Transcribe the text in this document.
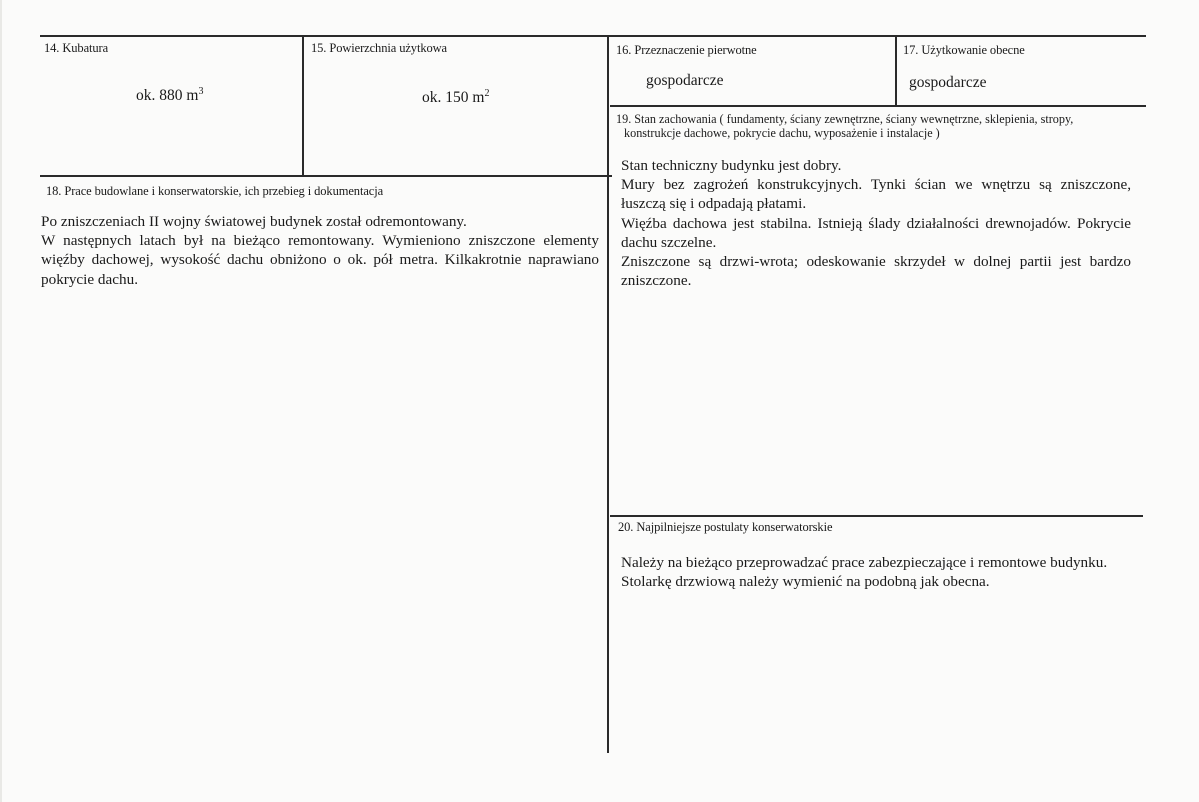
14. Kubatura
ok. 880 $m^3$
15. Powierzchnia użytkowa
ok. 150 $m^2$
16. Przeznaczenie pierwotne
gospodarcze
17. Użytkowanie obecne
gospodarcze
19. Stan zachowania ( fundamenty, ściany zewnętrzne, ściany wewnętrzne, sklepienia, stropy,
konstrukcje dachowe, pokrycie dachu, wyposażenie i instalacje )

Stan techniczny budynku jest dobry.

Mury bez zagrożeń konstrukcyjnych. Tynki ścian we wnętrzu są zniszczone, łuszczą się i odpadają płatami.

Więźba dachowa jest stabilna. Istnieją ślady działalności drewnojadów. Pokrycie dachu szczelne.

Zniszczone są drzwi-wrota; odeskowanie skrzydeł w dolnej partii jest bardzo zniszczone.

18. Prace budowlane i konserwatorskie, ich przebieg i dokumentacja

Po zniszczeniach II wojny światowej budynek został odremontowany.

W następnych latach był na bieżąco remontowany. Wymieniono zniszczone elementy więźby dachowej, wysokość dachu obniżono o ok. pół metra. Kilkakrotnie naprawiano pokrycie dachu.

20. Najpilniejsze postulaty konserwatorskie

Należy na bieżąco przeprowadzać prace zabezpieczające i remontowe budynku.

Stolarkę drzwiową należy wymienić na podobną jak obecna.
